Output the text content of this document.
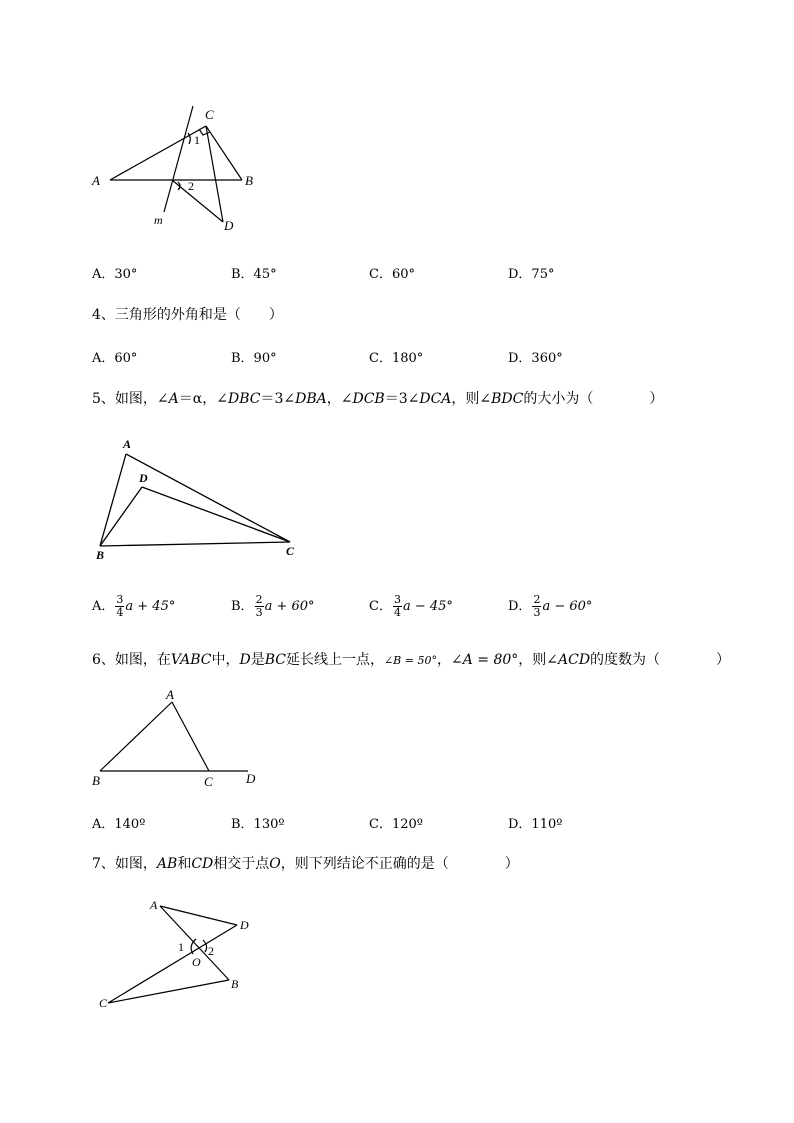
A	B
C
D
m
1
2
A．30°	B．45°	C．60°	D．75°
4、三角形的外角和是（　　）
A．60°	B．90°	C．180°	D．360°
5、如图，∠A＝α，∠DBC＝3∠DBA，∠DCB＝3∠DCA，则∠BDC的大小为（　　　　）
A
D
B	C
A． $\frac{3}{4}$ a + 45°	B． $\frac{2}{3}$ a + 60°	C． $\frac{3}{4}$ a − 45°	D． $\frac{2}{3}$ a − 60°
6、如图，在VABC中，D是BC延长线上一点，∠B = 50°，∠A = 80°，则∠ACD的度数为（　　　　）
A
B	C	D
A．140º	B．130º	C．120º	D．110º
7、如图，AB和CD相交于点O，则下列结论不正确的是（　　　　）
A
D
C
B
O
1 2
